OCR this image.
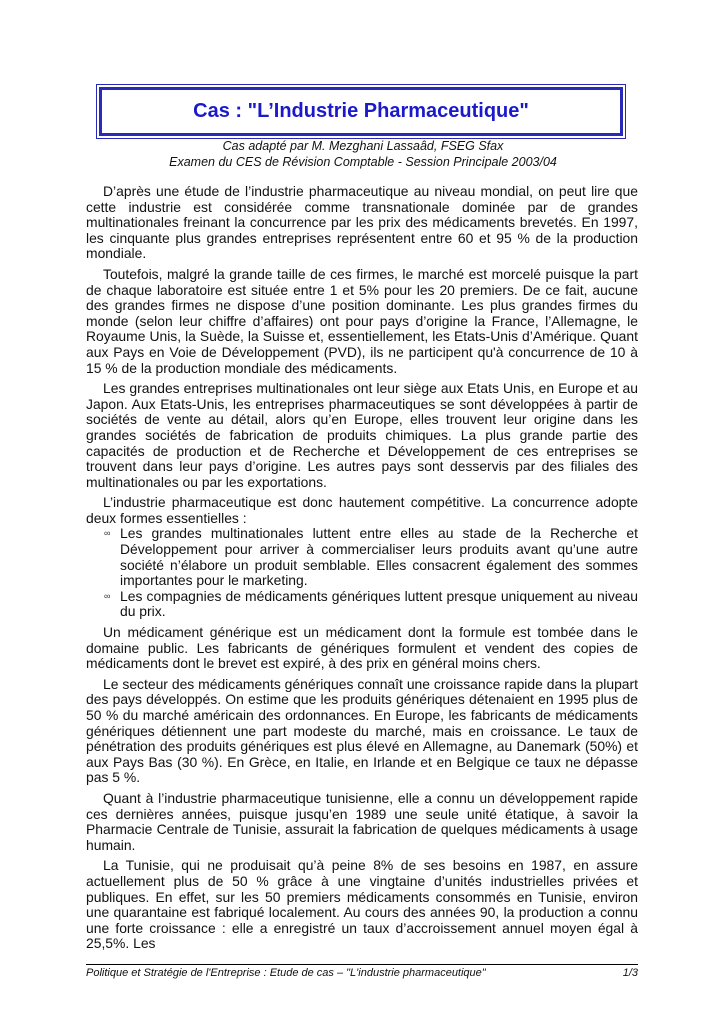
Cas : "L’Industrie Pharmaceutique"
Cas adapté par M. Mezghani Lassaâd, FSEG Sfax
Examen du CES de Révision Comptable - Session Principale 2003/04

D’après une étude de l’industrie pharmaceutique au niveau mondial, on peut lire que cette industrie est considérée comme transnationale dominée par de grandes multinationales freinant la concurrence par les prix des médicaments brevetés. En 1997, les cinquante plus grandes entreprises représentent entre 60 et 95 % de la production mondiale.

Toutefois, malgré la grande taille de ces firmes, le marché est morcelé puisque la part de chaque laboratoire est située entre 1 et 5% pour les 20 premiers. De ce fait, aucune des grandes firmes ne dispose d’une position dominante. Les plus grandes firmes du monde (selon leur chiffre d’affaires) ont pour pays d’origine la France, l’Allemagne, le Royaume Unis, la Suède, la Suisse et, essentiellement, les Etats-Unis d’Amérique. Quant aux Pays en Voie de Développement (PVD), ils ne participent qu'à concurrence de 10 à 15 % de la production mondiale des médicaments.

Les grandes entreprises multinationales ont leur siège aux Etats Unis, en Europe et au Japon. Aux Etats-Unis, les entreprises pharmaceutiques se sont développées à partir de sociétés de vente au détail, alors qu’en Europe, elles trouvent leur origine dans les grandes sociétés de fabrication de produits chimiques. La plus grande partie des capacités de production et de Recherche et Développement de ces entreprises se trouvent dans leur pays d’origine. Les autres pays sont desservis par des filiales des multinationales ou par les exportations.

L’industrie pharmaceutique est donc hautement compétitive. La concurrence adopte deux formes essentielles :

∞ Les grandes multinationales luttent entre elles au stade de la Recherche et Développement pour arriver à commercialiser leurs produits avant qu’une autre société n’élabore un produit semblable. Elles consacrent également des sommes importantes pour le marketing.
∞ Les compagnies de médicaments génériques luttent presque uniquement au niveau du prix.

Un médicament générique est un médicament dont la formule est tombée dans le domaine public. Les fabricants de génériques formulent et vendent des copies de médicaments dont le brevet est expiré, à des prix en général moins chers.

Le secteur des médicaments génériques connaît une croissance rapide dans la plupart des pays développés. On estime que les produits génériques détenaient en 1995 plus de 50 % du marché américain des ordonnances. En Europe, les fabricants de médicaments génériques détiennent une part modeste du marché, mais en croissance. Le taux de pénétration des produits génériques est plus élevé en Allemagne, au Danemark (50%) et aux Pays Bas (30 %). En Grèce, en Italie, en Irlande et en Belgique ce taux ne dépasse pas 5 %.

Quant à l’industrie pharmaceutique tunisienne, elle a connu un développement rapide ces dernières années, puisque jusqu’en 1989 une seule unité étatique, à savoir la Pharmacie Centrale de Tunisie, assurait la fabrication de quelques médicaments à usage humain.

La Tunisie, qui ne produisait qu’à peine 8% de ses besoins en 1987, en assure actuellement plus de 50 % grâce à une vingtaine d’unités industrielles privées et publiques. En effet, sur les 50 premiers médicaments consommés en Tunisie, environ une quarantaine est fabriqué localement. Au cours des années 90, la production a connu une forte croissance : elle a enregistré un taux d’accroissement annuel moyen égal à 25,5%. Les

Politique et Stratégie de l'Entreprise : Etude de cas – "L'industrie pharmaceutique"	1/3
